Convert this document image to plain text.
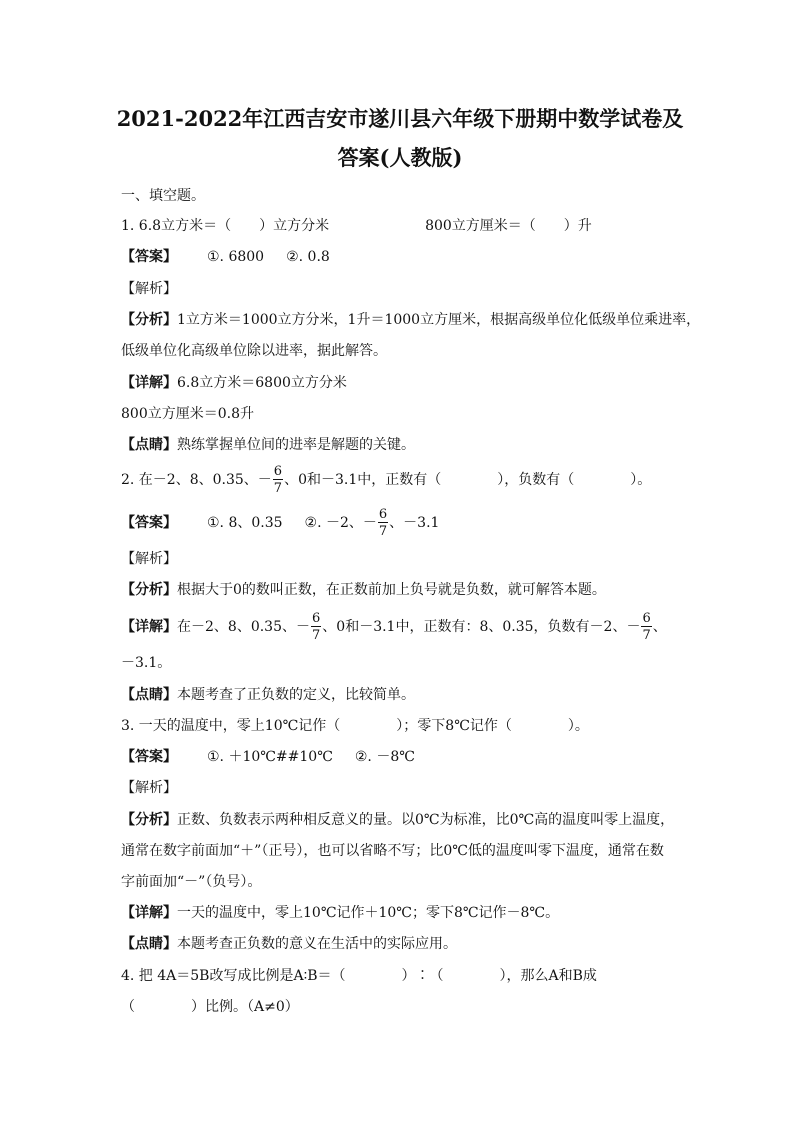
2021-2022年江西吉安市遂川县六年级下册期中数学试卷及
答案(人教版)
一、填空题。
1. 6.8立方米＝（　　）立方分米	800立方厘米＝（　　）升
【答案】 ①. 6800 ②. 0.8
【解析】
【分析】1立方米＝1000立方分米，1升＝1000立方厘米，根据高级单位化低级单位乘进率，
低级单位化高级单位除以进率，据此解答。
【详解】6.8立方米＝6800立方分米
800立方厘米＝0.8升
【点睛】熟练掌握单位间的进率是解题的关键。
2. 在－2、8、0.35、－ $\frac{6}{7}$ 、0和－3.1中，正数有（　　　　），负数有（　　　　）。
【答案】 ①. 8、0.35 ②. －2、－ $\frac{6}{7}$ 、－3.1
【解析】
【分析】根据大于0的数叫正数，在正数前加上负号就是负数，就可解答本题。
【详解】在－2、8、0.35、－ $\frac{6}{7}$ 、0和－3.1中，正数有：8、0.35，负数有－2、－ $\frac{6}{7}$ 、
－3.1。
【点睛】本题考查了正负数的定义，比较简单。
3. 一天的温度中，零上10℃记作（　　　　）；零下8℃记作（　　　　）。
【答案】 ①. ＋10℃##10℃ ②. －8℃
【解析】
【分析】正数、负数表示两种相反意义的量。以0℃为标准，比0℃高的温度叫零上温度，
通常在数字前面加“＋”（正号），也可以省略不写；比0℃低的温度叫零下温度，通常在数
字前面加“－”（负号）。
【详解】一天的温度中，零上10℃记作＋10℃；零下8℃记作－8℃。
【点睛】本题考查正负数的意义在生活中的实际应用。
4. 把 4A＝5B改写成比例是A∶B＝（　　　　）∶（　　　　），那么A和B成
（　　　　）比例。（A≠0）
